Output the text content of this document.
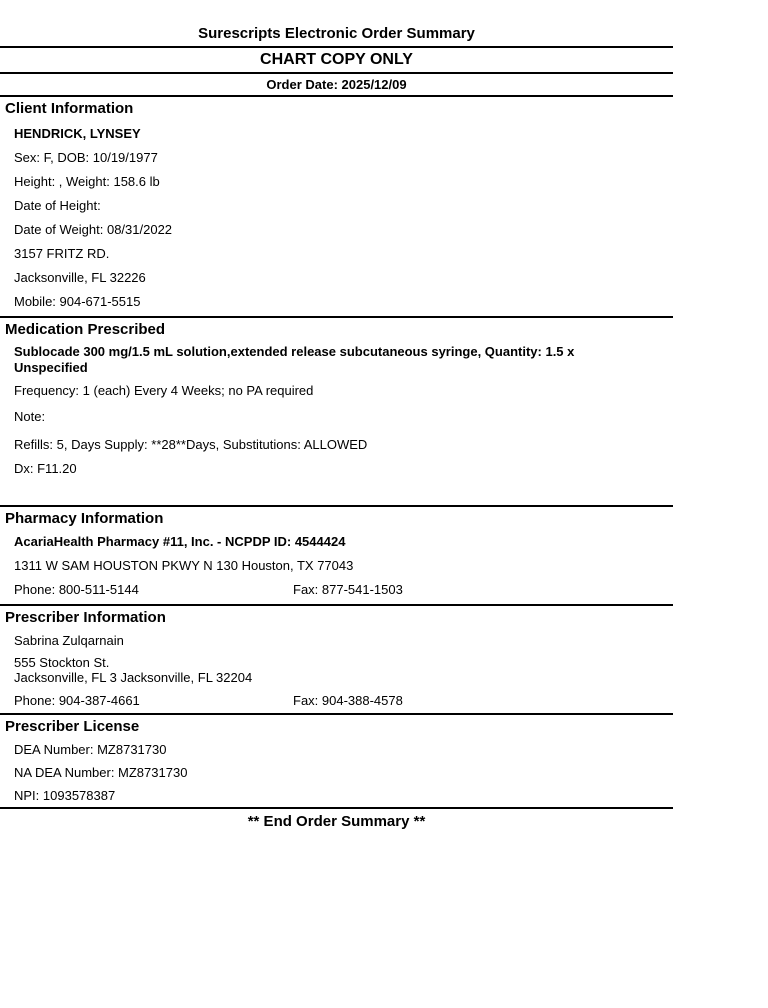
Surescripts Electronic Order Summary
CHART COPY ONLY
Order Date: 2025/12/09
Client Information
HENDRICK, LYNSEY
Sex: F, DOB: 10/19/1977
Height: , Weight: 158.6 lb
Date of Height:
Date of Weight: 08/31/2022
3157 FRITZ RD.
Jacksonville, FL 32226
Mobile: 904-671-5515
Medication Prescribed
Sublocade 300 mg/1.5 mL solution,extended release subcutaneous syringe, Quantity: 1.5 x Unspecified
Frequency: 1 (each) Every 4 Weeks; no PA required
Note:
Refills: 5, Days Supply: **28**Days, Substitutions: ALLOWED
Dx: F11.20
Pharmacy Information
AcariaHealth Pharmacy #11, Inc. - NCPDP ID: 4544424
1311 W SAM HOUSTON PKWY N 130 Houston, TX 77043
Phone: 800-511-5144	Fax: 877-541-1503
Prescriber Information
Sabrina Zulqarnain
555 Stockton St.
Jacksonville, FL 3 Jacksonville, FL 32204
Phone: 904-387-4661	Fax: 904-388-4578
Prescriber License
DEA Number: MZ8731730
NA DEA Number: MZ8731730
NPI: 1093578387
** End Order Summary **
